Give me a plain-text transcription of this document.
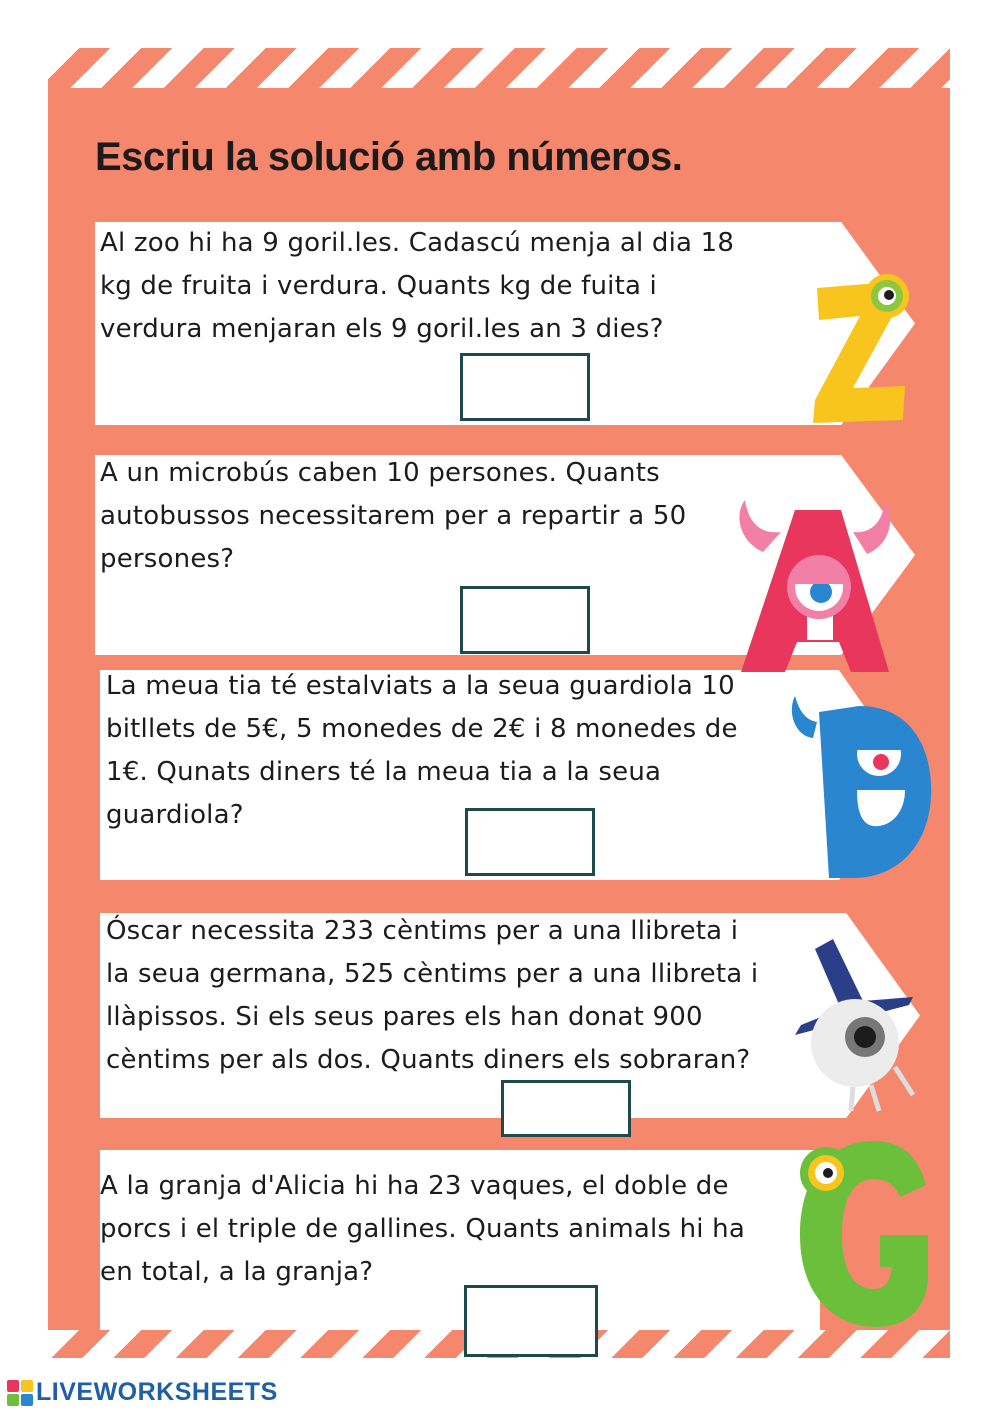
Escriu la solució amb números.

Al zoo hi ha 9 goril.les. Cadascú menja al dia 18
kg de fruita i verdura. Quants kg de fuita i
verdura menjaran els 9 goril.les an 3 dies?

A un microbús caben 10 persones. Quants
autobussos necessitarem per a repartir a 50
persones?

La meua tia té estalviats a la seua guardiola 10
bitllets de 5€, 5 monedes de 2€ i 8 monedes de
1€. Qunats diners té la meua tia a la seua
guardiola?

Óscar necessita 233 cèntims per a una llibreta i
la seua germana, 525 cèntims per a una llibreta i
llàpissos. Si els seus pares els han donat 900
cèntims per als dos. Quants diners els sobraran?

A la granja d'Alicia hi ha 23 vaques, el doble de
porcs i el triple de gallines. Quants animals hi ha
en total, a la granja?

LIVEWORKSHEETS
